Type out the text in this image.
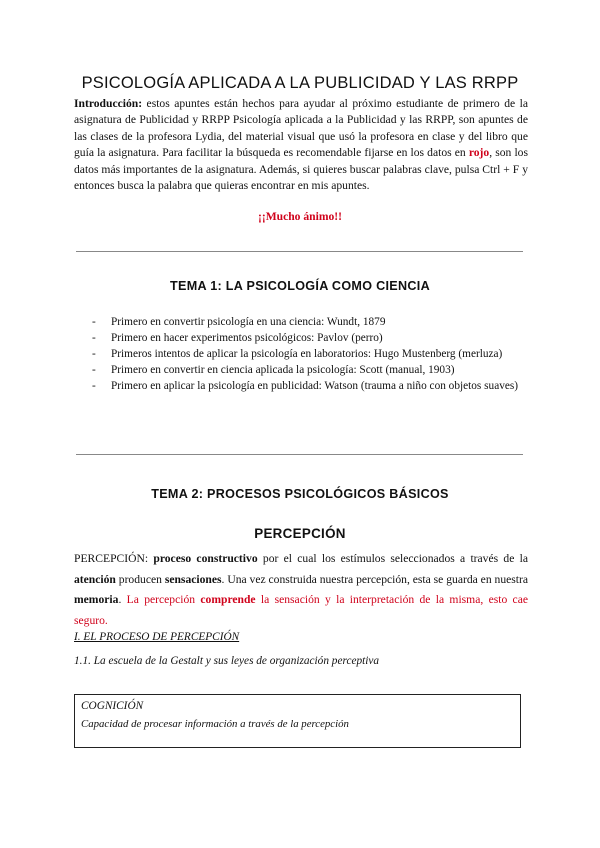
PSICOLOGÍA APLICADA A LA PUBLICIDAD Y LAS RRPP

Introducción: estos apuntes están hechos para ayudar al próximo estudiante de primero de la asignatura de Publicidad y RRPP Psicología aplicada a la Publicidad y las RRPP, son apuntes de las clases de la profesora Lydia, del material visual que usó la profesora en clase y del libro que guía la asignatura. Para facilitar la búsqueda es recomendable fijarse en los datos en rojo, son los datos más importantes de la asignatura. Además, si quieres buscar palabras clave, pulsa Ctrl + F y entonces busca la palabra que quieras encontrar en mis apuntes.

¡¡Mucho ánimo!!
TEMA 1: LA PSICOLOGÍA COMO CIENCIA
- Primero en convertir psicología en una ciencia: Wundt, 1879
- Primero en hacer experimentos psicológicos: Pavlov (perro)
- Primeros intentos de aplicar la psicología en laboratorios: Hugo Mustenberg (merluza)
- Primero en convertir en ciencia aplicada la psicología: Scott (manual, 1903)
- Primero en aplicar la psicología en publicidad: Watson (trauma a niño con objetos suaves)
TEMA 2: PROCESOS PSICOLÓGICOS BÁSICOS
PERCEPCIÓN

PERCEPCIÓN: proceso constructivo por el cual los estímulos seleccionados a través de la atención producen sensaciones. Una vez construida nuestra percepción, esta se guarda en nuestra memoria. La percepción comprende la sensación y la interpretación de la misma, esto cae seguro.

I. EL PROCESO DE PERCEPCIÓN
1.1. La escuela de la Gestalt y sus leyes de organización perceptiva
COGNICIÓN
Capacidad de procesar información a través de la percepción
